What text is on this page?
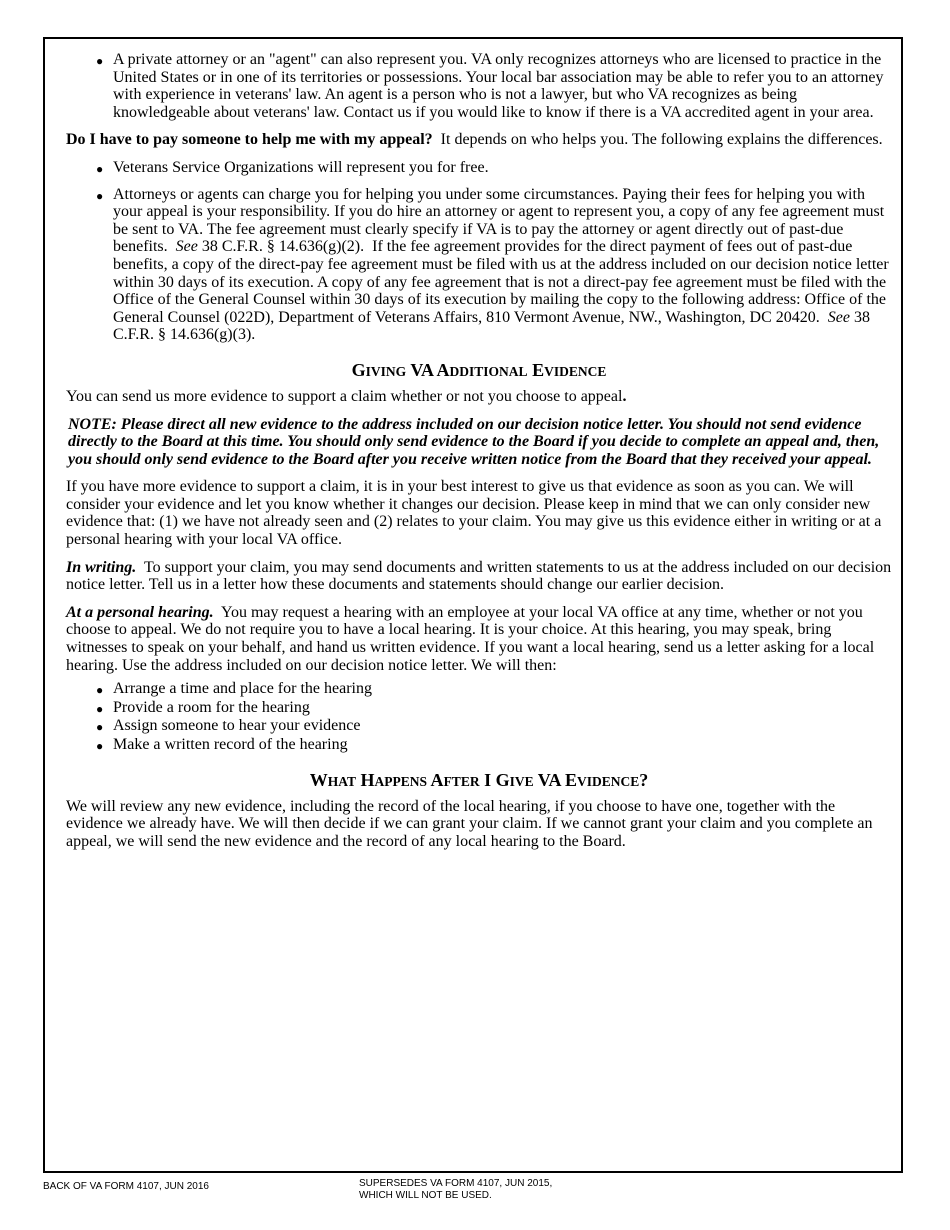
● A private attorney or an "agent" can also represent you. VA only recognizes attorneys who are licensed to practice in the United States or in one of its territories or possessions. Your local bar association may be able to refer you to an attorney with experience in veterans' law. An agent is a person who is not a lawyer, but who VA recognizes as being knowledgeable about veterans' law. Contact us if you would like to know if there is a VA accredited agent in your area.

Do I have to pay someone to help me with my appeal? It depends on who helps you. The following explains the differences.

● Veterans Service Organizations will represent you for free.
● Attorneys or agents can charge you for helping you under some circumstances. Paying their fees for helping you with your appeal is your responsibility. If you do hire an attorney or agent to represent you, a copy of any fee agreement must be sent to VA. The fee agreement must clearly specify if VA is to pay the attorney or agent directly out of past-due benefits. See 38 C.F.R. § 14.636(g)(2). If the fee agreement provides for the direct payment of fees out of past-due benefits, a copy of the direct-pay fee agreement must be filed with us at the address included on our decision notice letter within 30 days of its execution. A copy of any fee agreement that is not a direct-pay fee agreement must be filed with the Office of the General Counsel within 30 days of its execution by mailing the copy to the following address: Office of the General Counsel (022D), Department of Veterans Affairs, 810 Vermont Avenue, NW., Washington, DC 20420. See 38 C.F.R. § 14.636(g)(3).
GIVING VA ADDITIONAL EVIDENCE

You can send us more evidence to support a claim whether or not you choose to appeal.

NOTE: Please direct all new evidence to the address included on our decision notice letter. You should not send evidence directly to the Board at this time. You should only send evidence to the Board if you decide to complete an appeal and, then, you should only send evidence to the Board after you receive written notice from the Board that they received your appeal.

If you have more evidence to support a claim, it is in your best interest to give us that evidence as soon as you can. We will consider your evidence and let you know whether it changes our decision. Please keep in mind that we can only consider new evidence that: (1) we have not already seen and (2) relates to your claim. You may give us this evidence either in writing or at a personal hearing with your local VA office.

In writing. To support your claim, you may send documents and written statements to us at the address included on our decision notice letter. Tell us in a letter how these documents and statements should change our earlier decision.

At a personal hearing. You may request a hearing with an employee at your local VA office at any time, whether or not you choose to appeal. We do not require you to have a local hearing. It is your choice. At this hearing, you may speak, bring witnesses to speak on your behalf, and hand us written evidence. If you want a local hearing, send us a letter asking for a local hearing. Use the address included on our decision notice letter. We will then:

● Arrange a time and place for the hearing
● Provide a room for the hearing
● Assign someone to hear your evidence
● Make a written record of the hearing
WHAT HAPPENS AFTER I GIVE VA EVIDENCE?

We will review any new evidence, including the record of the local hearing, if you choose to have one, together with the evidence we already have. We will then decide if we can grant your claim. If we cannot grant your claim and you complete an appeal, we will send the new evidence and the record of any local hearing to the Board.

BACK OF VA FORM 4107, JUN 2016	SUPERSEDES VA FORM 4107, JUN 2015,
WHICH WILL NOT BE USED.
